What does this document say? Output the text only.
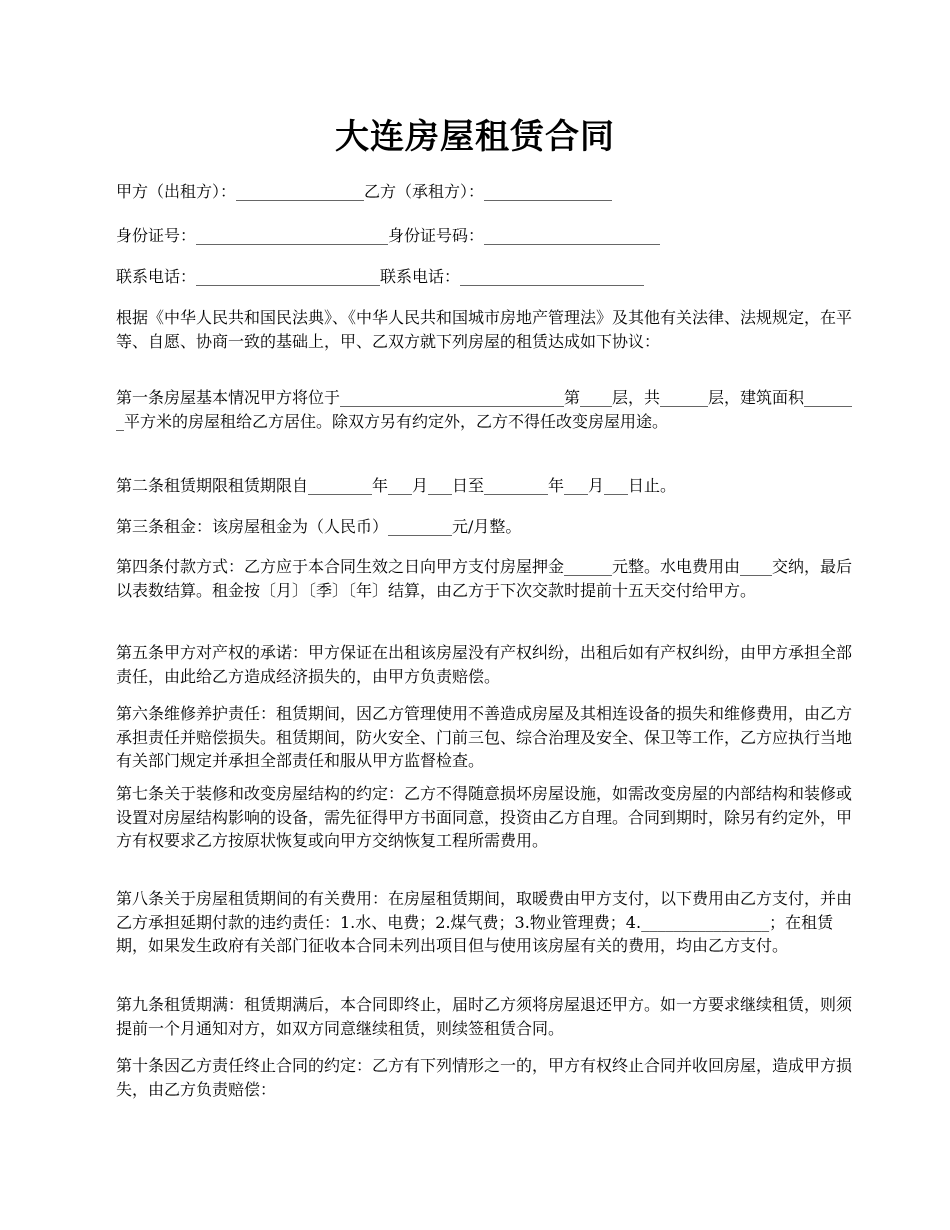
大连房屋租赁合同

甲方（出租方）：________________乙方（承租方）：________________

身份证号：________________________身份证号码：______________________

联系电话：_______________________联系电话：_______________________

根据《中华人民共和国民法典》、《中华人民共和国城市房地产管理法》及其他有关法律、法规规定，在平等、自愿、协商一致的基础上，甲、乙双方就下列房屋的租赁达成如下协议：

第一条房屋基本情况甲方将位于____________________________第____层，共______层，建筑面积_______平方米的房屋租给乙方居住。除双方另有约定外，乙方不得任改变房屋用途。

第二条租赁期限租赁期限自________年___月___日至________年___月___日止。

第三条租金：该房屋租金为（人民币）________元/月整。

第四条付款方式：乙方应于本合同生效之日向甲方支付房屋押金______元整。水电费用由____交纳，最后以表数结算。租金按〔月〕〔季〕〔年〕结算，由乙方于下次交款时提前十五天交付给甲方。

第五条甲方对产权的承诺：甲方保证在出租该房屋没有产权纠纷，出租后如有产权纠纷，由甲方承担全部责任，由此给乙方造成经济损失的，由甲方负责赔偿。

第六条维修养护责任：租赁期间，因乙方管理使用不善造成房屋及其相连设备的损失和维修费用，由乙方承担责任并赔偿损失。租赁期间，防火安全、门前三包、综合治理及安全、保卫等工作，乙方应执行当地有关部门规定并承担全部责任和服从甲方监督检查。

第七条关于装修和改变房屋结构的约定：乙方不得随意损坏房屋设施，如需改变房屋的内部结构和装修或设置对房屋结构影响的设备，需先征得甲方书面同意，投资由乙方自理。合同到期时，除另有约定外，甲方有权要求乙方按原状恢复或向甲方交纳恢复工程所需费用。

第八条关于房屋租赁期间的有关费用：在房屋租赁期间，取暖费由甲方支付，以下费用由乙方支付，并由乙方承担延期付款的违约责任：1.水、电费；2.煤气费；3.物业管理费；4.________________；在租赁期，如果发生政府有关部门征收本合同未列出项目但与使用该房屋有关的费用，均由乙方支付。

第九条租赁期满：租赁期满后，本合同即终止，届时乙方须将房屋退还甲方。如一方要求继续租赁，则须提前一个月通知对方，如双方同意继续租赁，则续签租赁合同。

第十条因乙方责任终止合同的约定：乙方有下列情形之一的，甲方有权终止合同并收回房屋，造成甲方损失，由乙方负责赔偿：
